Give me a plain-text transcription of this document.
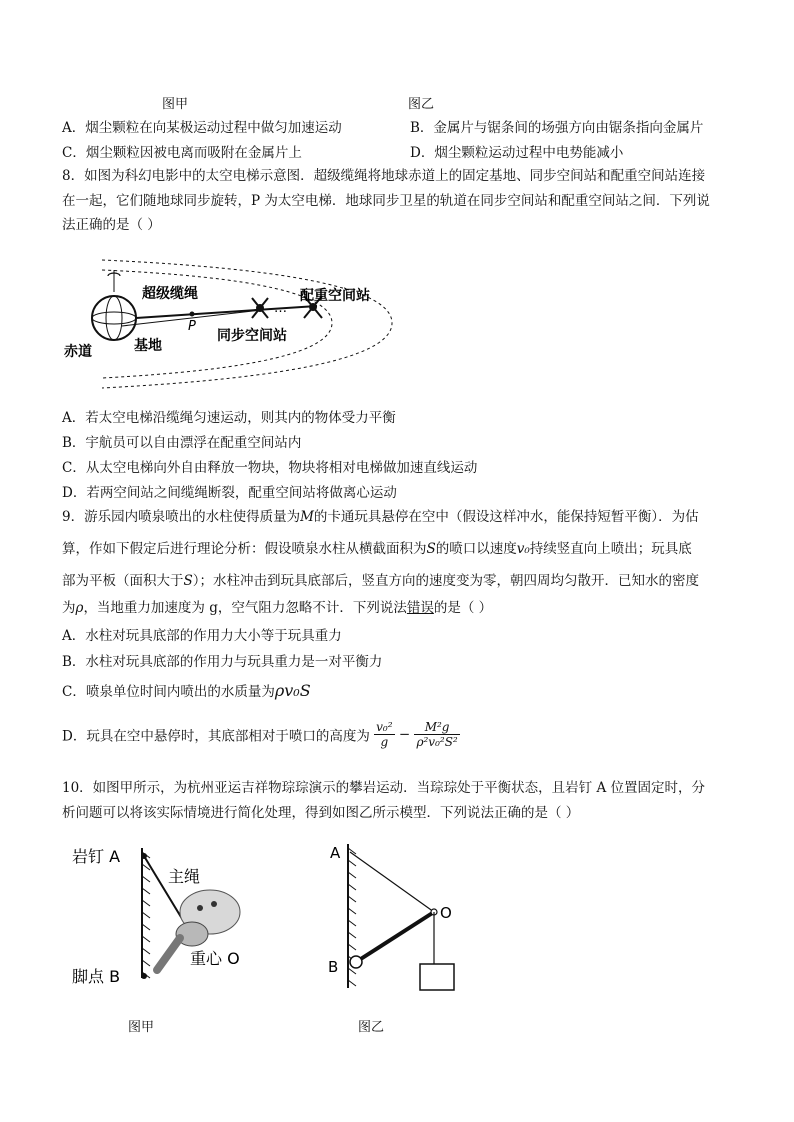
图甲	图乙
A．烟尘颗粒在向某极运动过程中做匀加速运动	B．金属片与锯条间的场强方向由锯条指向金属片
C．烟尘颗粒因被电离而吸附在金属片上	D．烟尘颗粒运动过程中电势能减小
8．如图为科幻电影中的太空电梯示意图．超级缆绳将地球赤道上的固定基地、同步空间站和配重空间站连接
在一起，它们随地球同步旋转，P 为太空电梯．地球同步卫星的轨道在同步空间站和配重空间站之间．下列说
法正确的是（ ）
超级缆绳	配重空间站
P
…
同步空间站
赤道	基地
A．若太空电梯沿缆绳匀速运动，则其内的物体受力平衡
B．宇航员可以自由漂浮在配重空间站内
C．从太空电梯向外自由释放一物块，物块将相对电梯做加速直线运动
D．若两空间站之间缆绳断裂，配重空间站将做离心运动
9．游乐园内喷泉喷出的水柱使得质量为M的卡通玩具悬停在空中（假设这样冲水，能保持短暂平衡）．为估
算，作如下假定后进行理论分析：假设喷泉水柱从横截面积为S的喷口以速度v₀持续竖直向上喷出；玩具底
部为平板（面积大于S）；水柱冲击到玩具底部后，竖直方向的速度变为零，朝四周均匀散开．已知水的密度
为ρ，当地重力加速度为 g，空气阻力忽略不计．下列说法错误的是（ ）
A．水柱对玩具底部的作用力大小等于玩具重力
B．水柱对玩具底部的作用力与玩具重力是一对平衡力
C．喷泉单位时间内喷出的水质量为ρv₀S
D．玩具在空中悬停时，其底部相对于喷口的高度为 $\frac{\text{v₀²}}{g} - \frac{\text{M²g}}{\text{ρ²v₀²S²}}$
10．如图甲所示，为杭州亚运吉祥物琮琮演示的攀岩运动．当琮琮处于平衡状态，且岩钉 A 位置固定时，分
析问题可以将该实际情境进行简化处理，得到如图乙所示模型．下列说法正确的是（ ）
岩钉 A
主绳
重心 O
脚点 B
图甲
A
B
O
图乙
